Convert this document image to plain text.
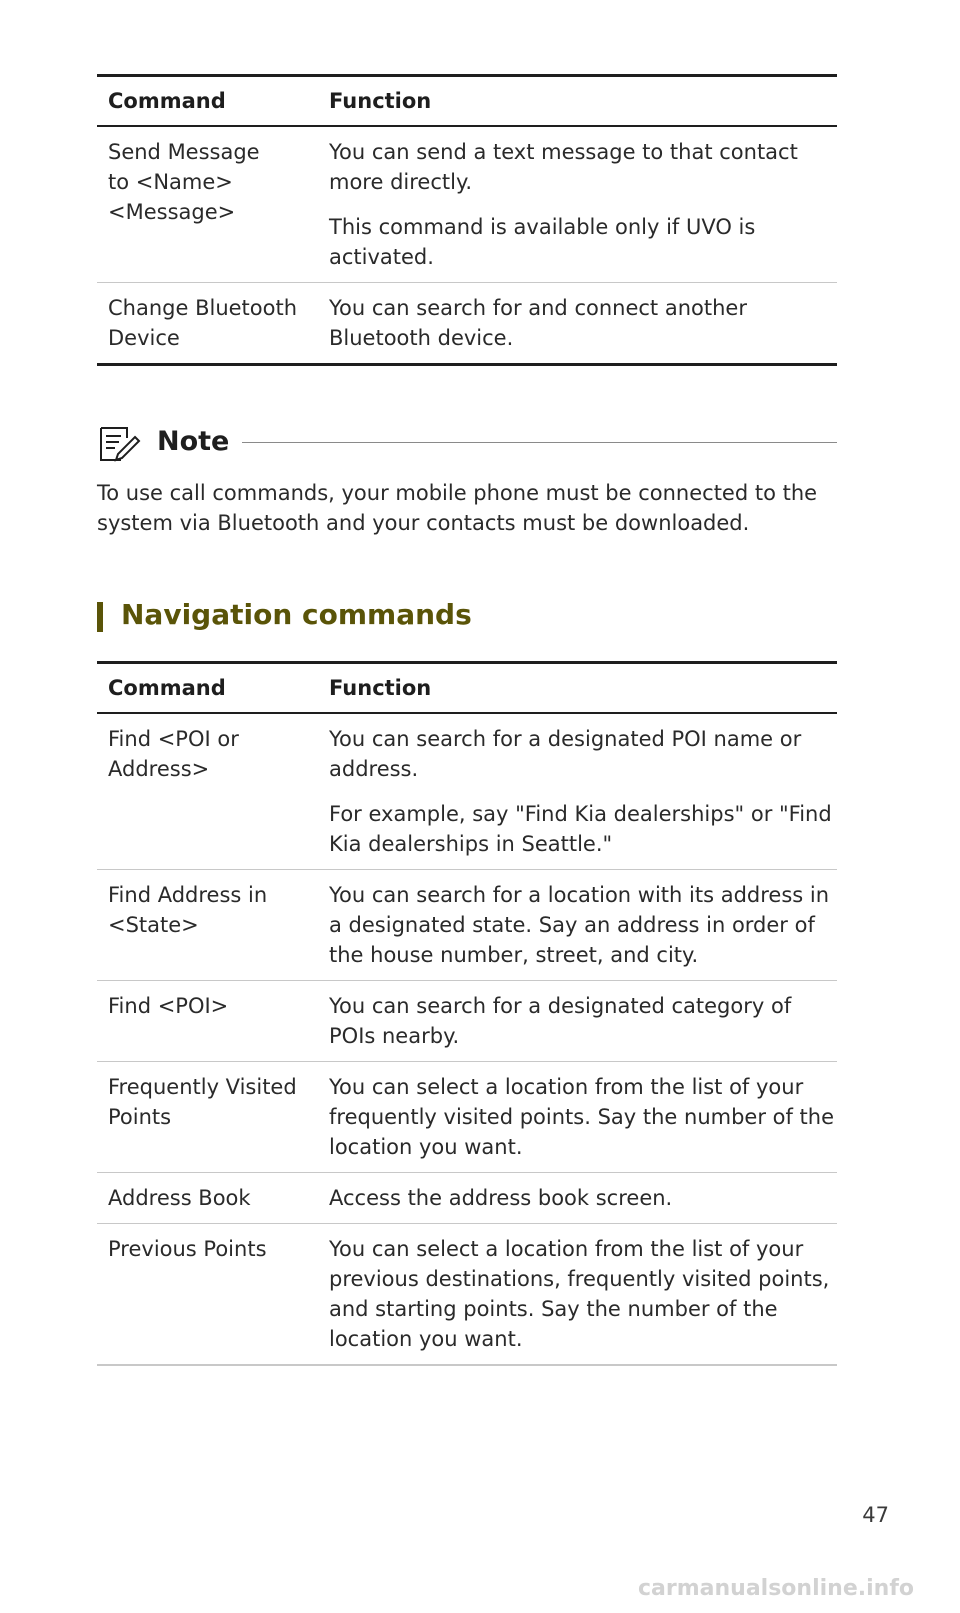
Command	Function

Send Message to <Name> <Message>	You can send a text message to that contact more directly.
This command is available only if UVO is activated.

Change Bluetooth Device	You can search for and connect another Bluetooth device.
Note

To use call commands, your mobile phone must be connected to the system via Bluetooth and your contacts must be downloaded.

Navigation commands
Command	Function

Find <POI or Address>	You can search for a designated POI name or address.
For example, say "Find Kia dealerships" or "Find Kia dealerships in Seattle."

Find Address in <State>	You can search for a location with its address in a designated state. Say an address in order of the house number, street, and city.

Find <POI>	You can search for a designated category of POIs nearby.

Frequently Visited Points	You can select a location from the list of your frequently visited points. Say the number of the location you want.

Address Book	Access the address book screen.

Previous Points	You can select a location from the list of your previous destinations, frequently visited points, and starting points. Say the number of the location you want.
47
carmanualsonline.info
